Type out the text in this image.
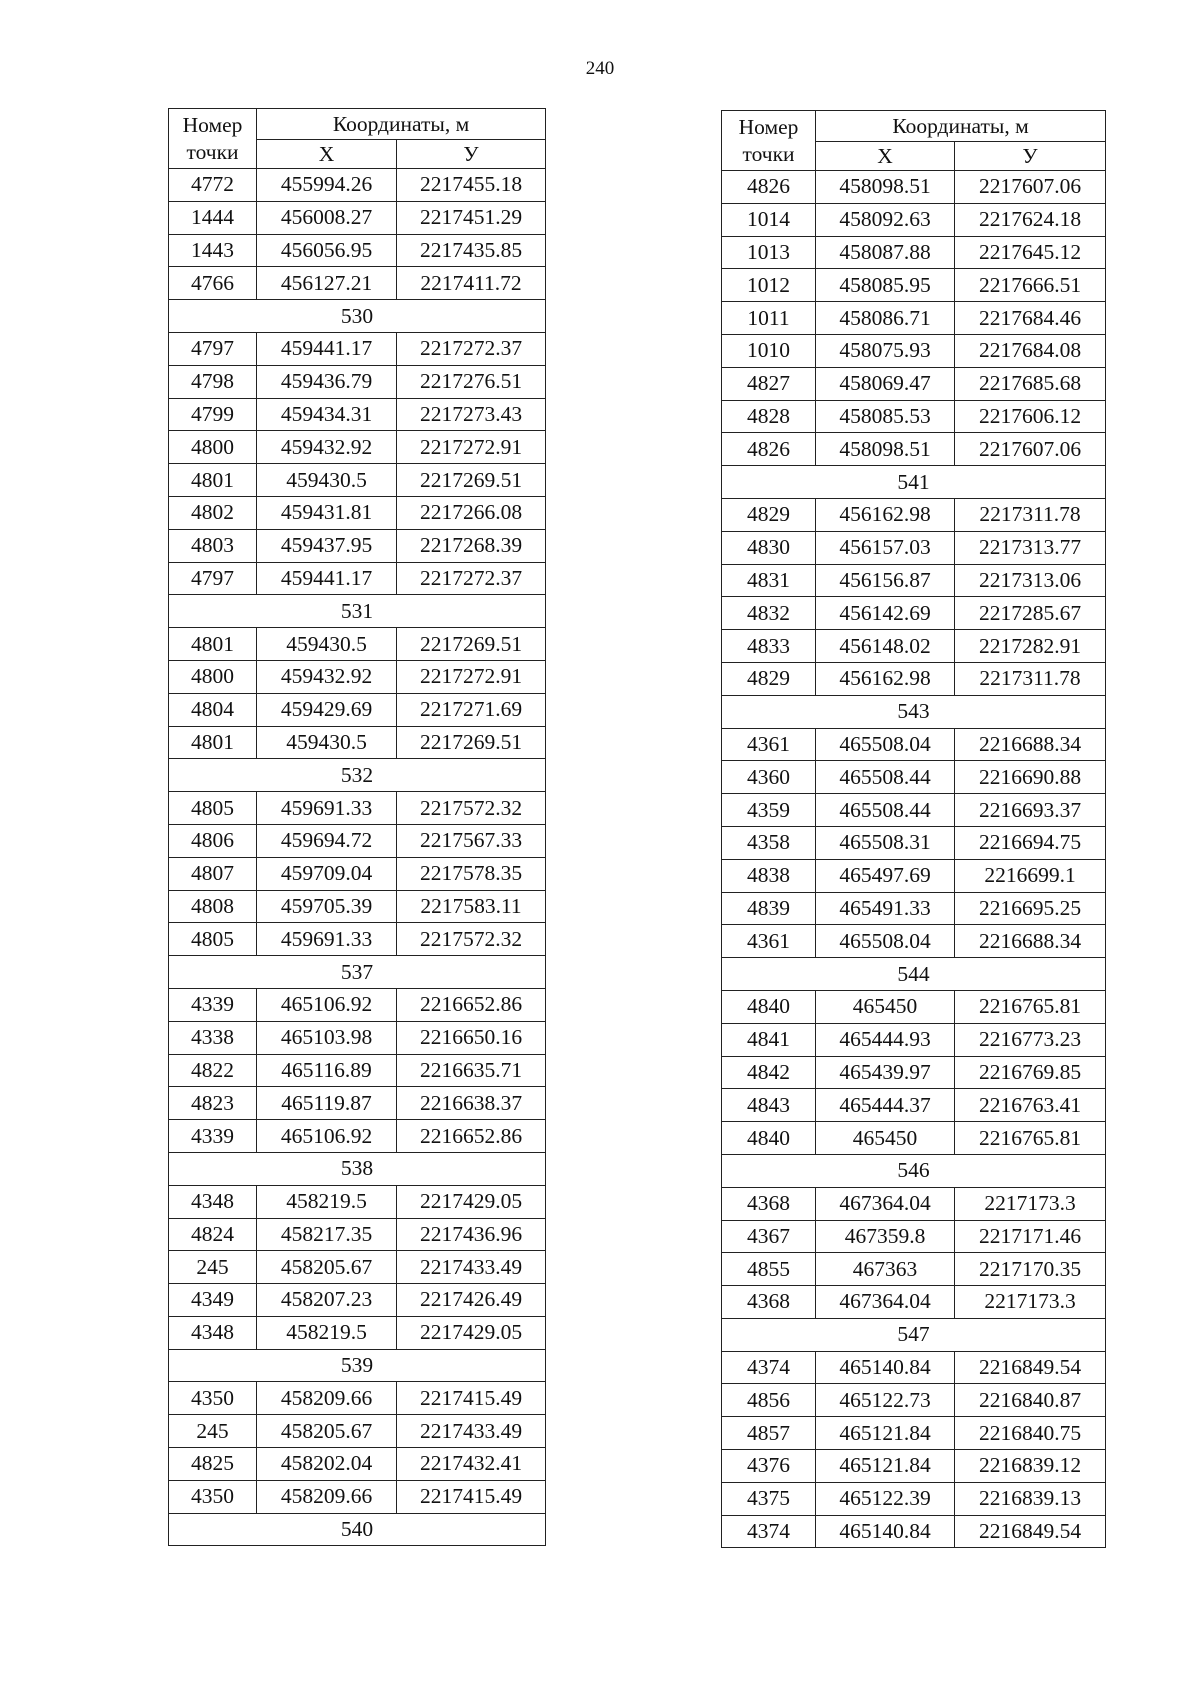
240
Номер
точки	Координаты, м	
	Х	У
4772	455994.26	2217455.18
1444	456008.27	2217451.29
1443	456056.95	2217435.85
4766	456127.21	2217411.72
530		
4797	459441.17	2217272.37
4798	459436.79	2217276.51
4799	459434.31	2217273.43
4800	459432.92	2217272.91
4801	459430.5	2217269.51
4802	459431.81	2217266.08
4803	459437.95	2217268.39
4797	459441.17	2217272.37
531		
4801	459430.5	2217269.51
4800	459432.92	2217272.91
4804	459429.69	2217271.69
4801	459430.5	2217269.51
532		
4805	459691.33	2217572.32
4806	459694.72	2217567.33
4807	459709.04	2217578.35
4808	459705.39	2217583.11
4805	459691.33	2217572.32
537		
4339	465106.92	2216652.86
4338	465103.98	2216650.16
4822	465116.89	2216635.71
4823	465119.87	2216638.37
4339	465106.92	2216652.86
538		
4348	458219.5	2217429.05
4824	458217.35	2217436.96
245	458205.67	2217433.49
4349	458207.23	2217426.49
4348	458219.5	2217429.05
539		
4350	458209.66	2217415.49
245	458205.67	2217433.49
4825	458202.04	2217432.41
4350	458209.66	2217415.49
540		
Номер
точки	Координаты, м	
	Х	У
4826	458098.51	2217607.06
1014	458092.63	2217624.18
1013	458087.88	2217645.12
1012	458085.95	2217666.51
1011	458086.71	2217684.46
1010	458075.93	2217684.08
4827	458069.47	2217685.68
4828	458085.53	2217606.12
4826	458098.51	2217607.06
541		
4829	456162.98	2217311.78
4830	456157.03	2217313.77
4831	456156.87	2217313.06
4832	456142.69	2217285.67
4833	456148.02	2217282.91
4829	456162.98	2217311.78
543		
4361	465508.04	2216688.34
4360	465508.44	2216690.88
4359	465508.44	2216693.37
4358	465508.31	2216694.75
4838	465497.69	2216699.1
4839	465491.33	2216695.25
4361	465508.04	2216688.34
544		
4840	465450	2216765.81
4841	465444.93	2216773.23
4842	465439.97	2216769.85
4843	465444.37	2216763.41
4840	465450	2216765.81
546		
4368	467364.04	2217173.3
4367	467359.8	2217171.46
4855	467363	2217170.35
4368	467364.04	2217173.3
547		
4374	465140.84	2216849.54
4856	465122.73	2216840.87
4857	465121.84	2216840.75
4376	465121.84	2216839.12
4375	465122.39	2216839.13
4374	465140.84	2216849.54
